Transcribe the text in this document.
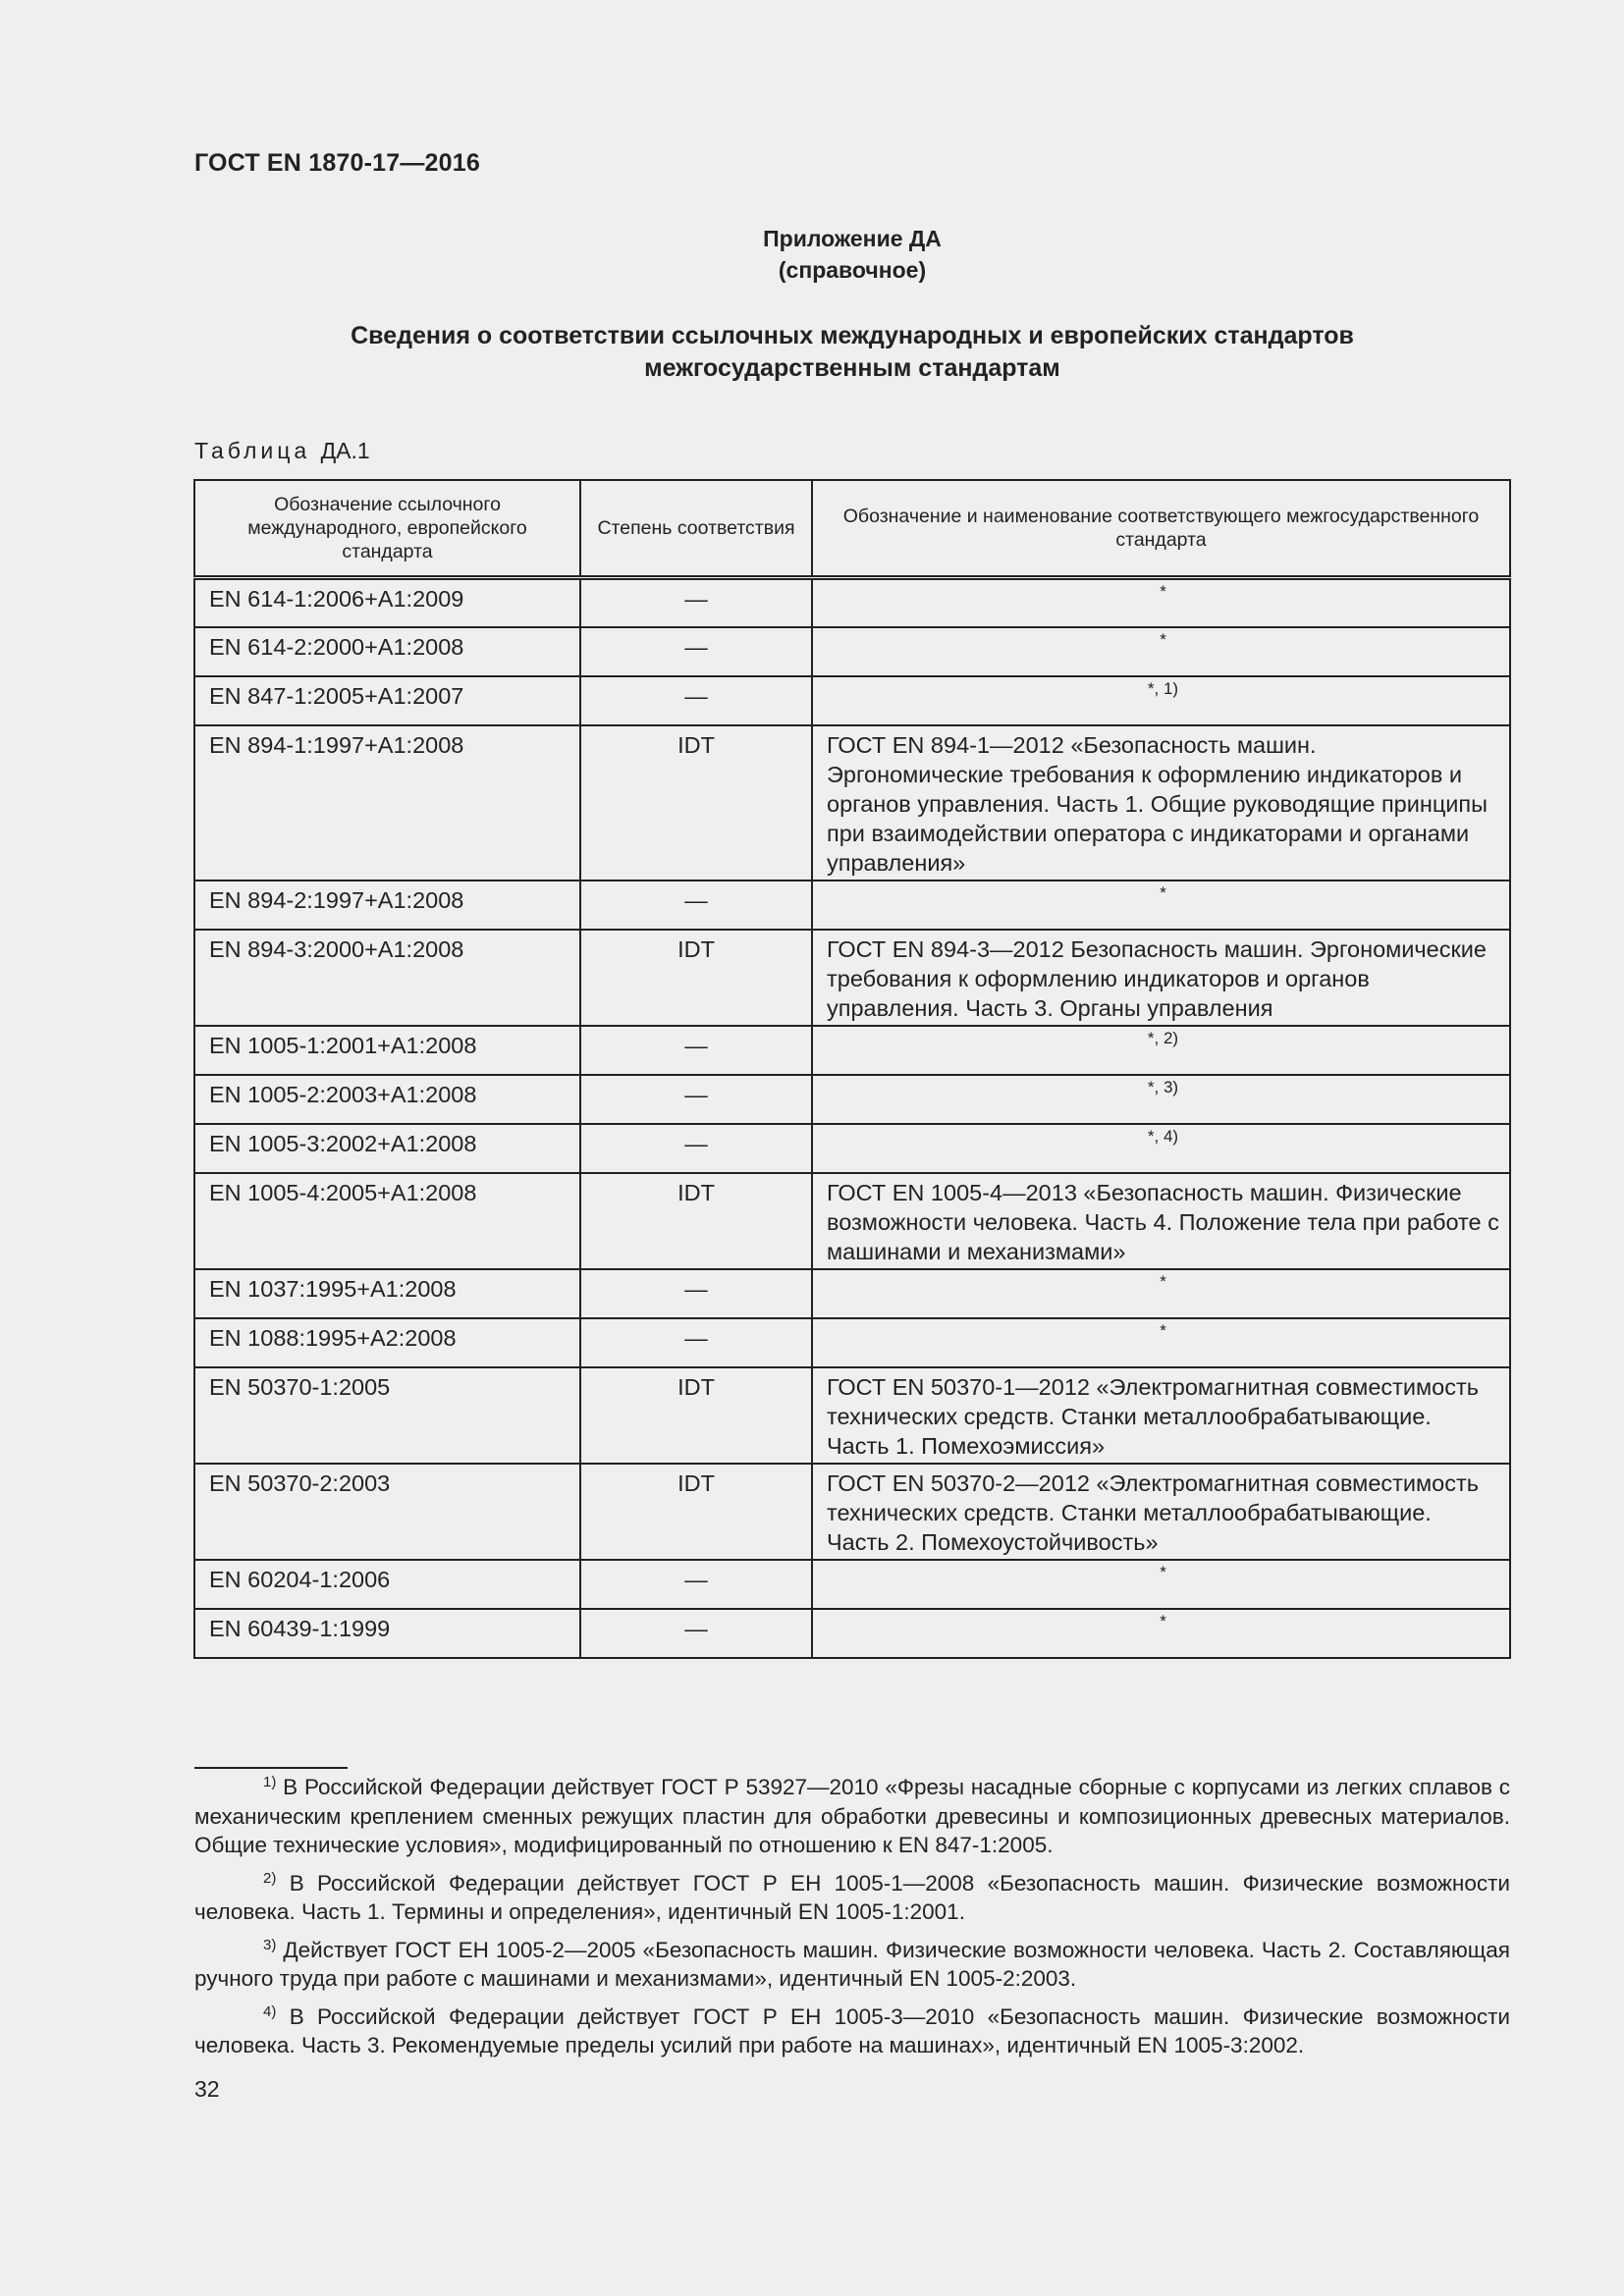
ГОСТ EN 1870-17—2016
Приложение ДА
(справочное)
Сведения о соответствии ссылочных международных и европейских стандартов
межгосударственным стандартам
Таблица ДА.1
Обозначение ссылочного международного, европейского стандарта	Степень соответствия	Обозначение и наименование соответствующего межгосударственного стандарта
EN 614-1:2006+A1:2009	—	*
EN 614-2:2000+A1:2008	—	*
EN 847-1:2005+A1:2007	—	*, 1)
EN 894-1:1997+A1:2008	IDT	ГОСТ EN 894-1—2012 «Безопасность машин. Эргономические требования к оформлению индикаторов и органов управления. Часть 1. Общие руководящие принципы при взаимодействии оператора с индикаторами и органами управления»
EN 894-2:1997+A1:2008	—	*
EN 894-3:2000+A1:2008	IDT	ГОСТ EN 894-3—2012 Безопасность машин. Эргономические требования к оформлению индикаторов и органов управления. Часть 3. Органы управления
EN 1005-1:2001+A1:2008	—	*, 2)
EN 1005-2:2003+A1:2008	—	*, 3)
EN 1005-3:2002+A1:2008	—	*, 4)
EN 1005-4:2005+A1:2008	IDT	ГОСТ EN 1005-4—2013 «Безопасность машин. Физические возможности человека. Часть 4. Положение тела при работе с машинами и механизмами»
EN 1037:1995+A1:2008	—	*
EN 1088:1995+A2:2008	—	*
EN 50370-1:2005	IDT	ГОСТ EN 50370-1—2012 «Электромагнитная совместимость технических средств. Станки металлообрабатывающие. Часть 1. Помехоэмиссия»
EN 50370-2:2003	IDT	ГОСТ EN 50370-2—2012 «Электромагнитная совместимость технических средств. Станки металлообрабатывающие. Часть 2. Помехоустойчивость»
EN 60204-1:2006	—	*
EN 60439-1:1999	—	*

$^{1)}$ В Российской Федерации действует ГОСТ Р 53927—2010 «Фрезы насадные сборные с корпусами из легких сплавов с механическим креплением сменных режущих пластин для обработки древесины и композиционных древесных материалов. Общие технические условия», модифицированный по отношению к EN 847-1:2005.

$^{2)}$ В Российской Федерации действует ГОСТ Р ЕН 1005-1—2008 «Безопасность машин. Физические возможности человека. Часть 1. Термины и определения», идентичный EN 1005-1:2001.

$^{3)}$ Действует ГОСТ ЕН 1005-2—2005 «Безопасность машин. Физические возможности человека. Часть 2. Составляющая ручного труда при работе с машинами и механизмами», идентичный EN 1005-2:2003.

$^{4)}$ В Российской Федерации действует ГОСТ Р ЕН 1005-3—2010 «Безопасность машин. Физические возможности человека. Часть 3. Рекомендуемые пределы усилий при работе на машинах», идентичный EN 1005-3:2002.

32
